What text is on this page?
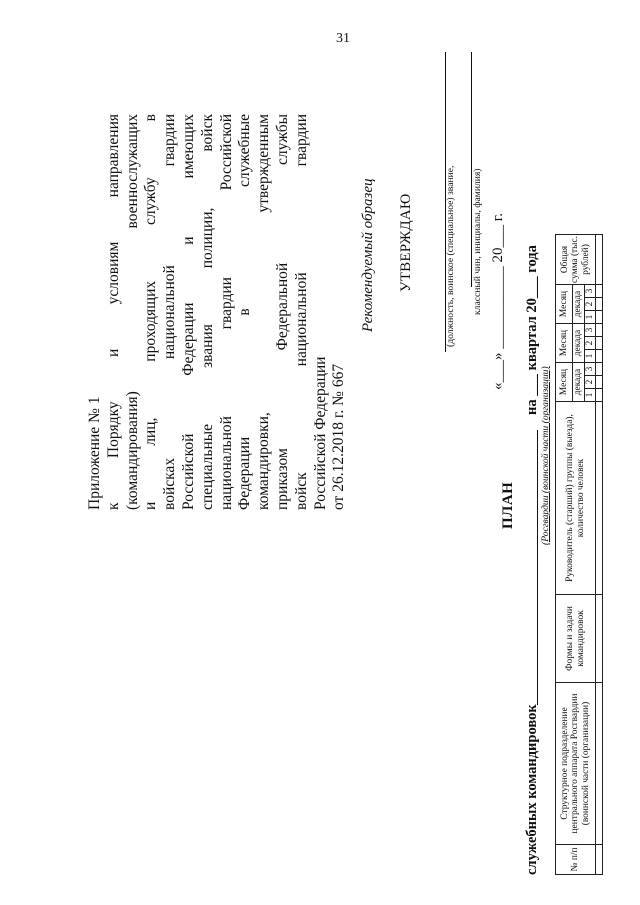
31
Приложение № 1 к Порядку и условиям направления (командирования) военнослужащих и лиц, проходящих службу в войсках национальной гвардии Российской Федерации и имеющих специальные звания полиции, войск национальной гвардии Российской Федерации в служебные командировки, утвержденным приказом Федеральной службы войск национальной гвардии Российской Федерации от 26.12.2018 г. № 667
Рекомендуемый образец УТВЕРЖДАЮ	(должность, воинское (специальное) звание, классный чин, инициалы, фамилия) «___» ___________ 20___ г.
ПЛАН
служебных командировок
на ___ квартал 20___ года
(Росгвардии (воинской части (организации)
№ п/п	Структурное подразделение центрального аппарата Росгвардии (воинской части (организации)	Формы и задачи командировок	Руководитель (старший) группы (выезда), количество человек	Месяц			Месяц			Месяц			Общая сумма (тыс. рублей)
				декада			декада			декада			
				1	2	3	1	2	3	1	2	3	
